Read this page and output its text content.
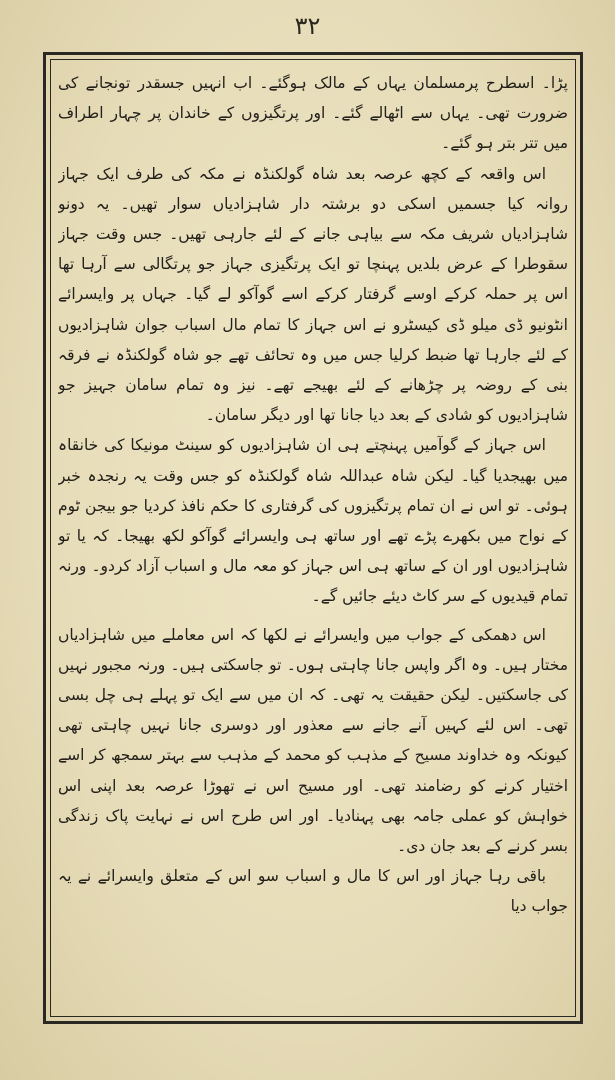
۳۲

پڑا۔ اسطرح پرمسلمان یہاں کے مالک ہوگئے۔ اب انہیں جسقدر تونجانے کی ضرورت تھی۔ یہاں سے اٹھالے گئے۔ اور پرتگیزوں کے خاندان پر چہار اطراف میں تتر بتر ہو گئے۔

اس واقعہ کے کچھ عرصہ بعد شاہ گولکنڈہ نے مکہ کی طرف ایک جہاز روانہ کیا جسمیں اسکی دو برشتہ دار شاہزادیاں سوار تھیں۔ یہ دونو شاہزادیاں شریف مکہ سے بیاہی جانے کے لئے جارہی تھیں۔ جس وقت جہاز سقوطرا کے عرض بلدیں پہنچا تو ایک پرتگیزی جہاز جو پرتگالی سے آرہا تھا اس پر حملہ کرکے اوسے گرفتار کرکے اسے گوآکو لے گیا۔ جہاں پر وایسرائے انٹونیو ڈی میلو ڈی کیسٹرو نے اس جہاز کا تمام مال اسباب جوان شاہزادیوں کے لئے جارہا تھا ضبط کرلیا جس میں وہ تحائف تھے جو شاہ گولکنڈہ نے فرقہ بنی کے روضہ پر چڑھانے کے لئے بھیجے تھے۔ نیز وہ تمام سامان جہیز جو شاہزادیوں کو شادی کے بعد دیا جانا تھا اور دیگر سامان۔

اس جہاز کے گوآمیں پہنچتے ہی ان شاہزادیوں کو سینٹ مونیکا کی خانقاہ میں بھیجدیا گیا۔ لیکن شاہ عبداللہ شاہ گولکنڈہ کو جس وقت یہ رنجدہ خبر ہوئی۔ تو اس نے ان تمام پرتگیزوں کی گرفتاری کا حکم نافذ کردیا جو بیجن ٹوم کے نواح میں بکھرے پڑے تھے اور ساتھ ہی وایسرائے گوآکو لکھ بھیجا۔ کہ یا تو شاہزادیوں اور ان کے ساتھ ہی اس جہاز کو معہ مال و اسباب آزاد کردو۔ ورنہ تمام قیدیوں کے سر کاٹ دیئے جائیں گے۔

اس دھمکی کے جواب میں وایسرائے نے لکھا کہ اس معاملے میں شاہزادیاں مختار ہیں۔ وہ اگر واپس جانا چاہتی ہوں۔ تو جاسکتی ہیں۔ ورنہ مجبور نہیں کی جاسکتیں۔ لیکن حقیقت یہ تھی۔ کہ ان میں سے ایک تو پہلے ہی چل بسی تھی۔ اس لئے کہیں آنے جانے سے معذور اور دوسری جانا نہیں چاہتی تھی کیونکہ وہ خداوند مسیح کے مذہب کو محمد کے مذہب سے بہتر سمجھ کر اسے اختیار کرنے کو رضامند تھی۔ اور مسیح اس نے تھوڑا عرصہ بعد اپنی اس خواہش کو عملی جامہ بھی پہنادیا۔ اور اس طرح اس نے نہایت پاک زندگی بسر کرنے کے بعد جان دی۔

باقی رہا جہاز اور اس کا مال و اسباب سو اس کے متعلق وایسرائے نے یہ جواب دیا
